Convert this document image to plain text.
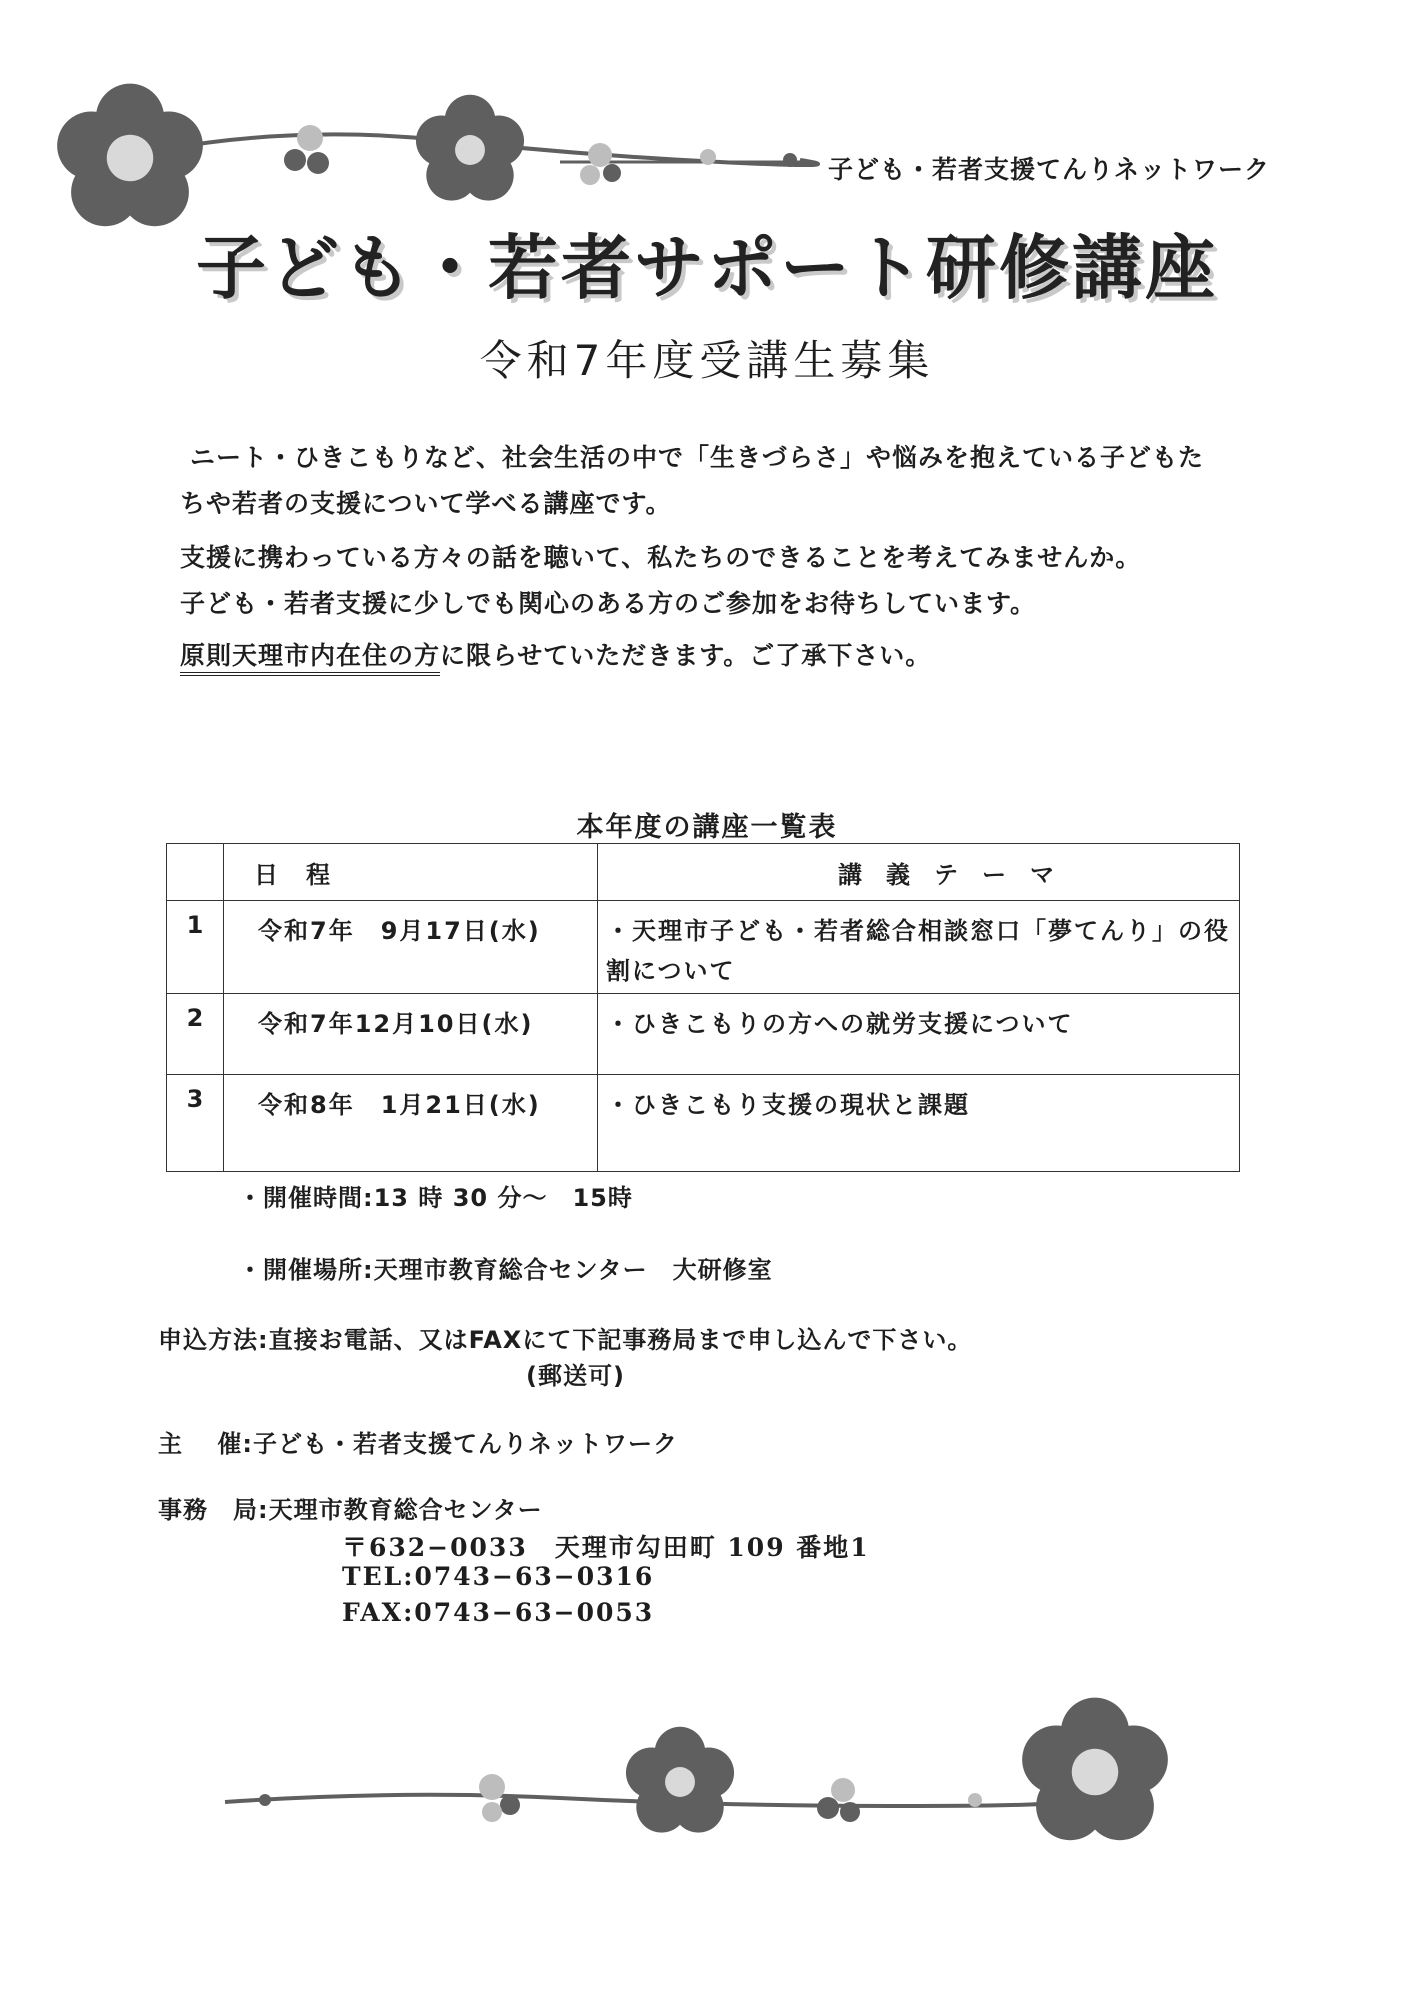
子ども・若者支援てんりネットワーク
子ども・若者サポート研修講座
令和7年度受講生募集
ニート・ひきこもりなど、社会生活の中で「生きづらさ」や悩みを抱えている子どもた
ちや若者の支援について学べる講座です。
支援に携わっている方々の話を聴いて、私たちのできることを考えてみませんか。
子ども・若者支援に少しでも関心のある方のご参加をお待ちしています。
原則天理市内在住の方に限らせていただきます。ご了承下さい。
本年度の講座一覧表
	日　程	講　義　テ　ー　マ
1	令和7年　9月17日(水)	・天理市子ども・若者総合相談窓口「夢てんり」の役割について
2	令和7年12月10日(水)	・ひきこもりの方への就労支援について
3	令和8年　1月21日(水)	・ひきこもり支援の現状と課題
・開催時間:13 時 30 分～　15時
・開催場所:天理市教育総合センター　大研修室
申込方法:直接お電話、又はFAXにて下記事務局まで申し込んで下さい。
(郵送可)
主　 催:子ども・若者支援てんりネットワーク
事務　局:天理市教育総合センター
〒632−0033　天理市勾田町 109 番地1
TEL:0743−63−0316
FAX:0743−63−0053
